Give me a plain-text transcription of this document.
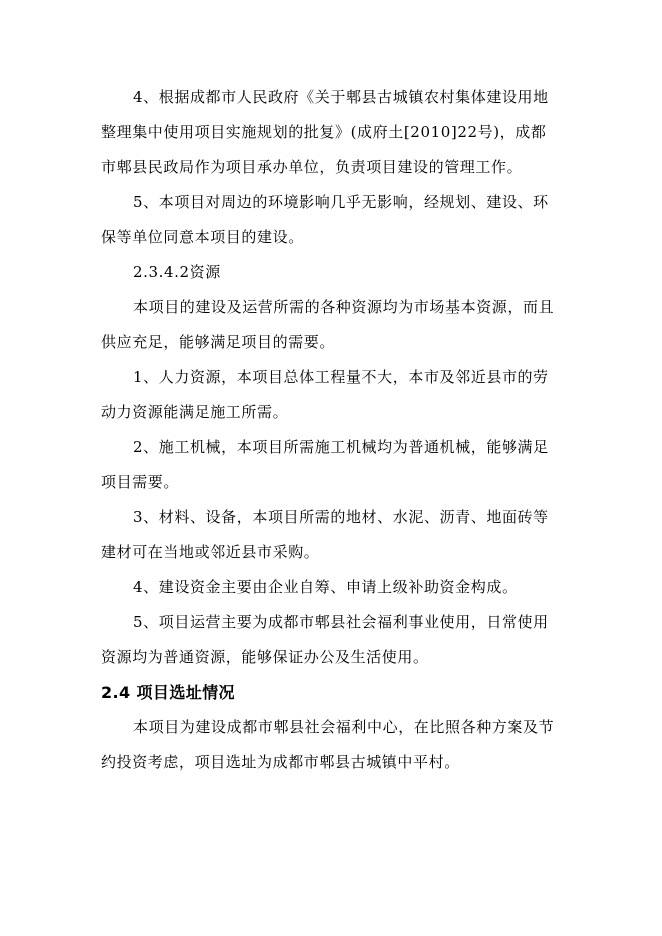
4、根据成都市人民政府《关于郫县古城镇农村集体建设用地整理集中使用项目实施规划的批复》(成府土[2010]22号)，成都市郫县民政局作为项目承办单位，负责项目建设的管理工作。

5、本项目对周边的环境影响几乎无影响，经规划、建设、环保等单位同意本项目的建设。

2.3.4.2资源

本项目的建设及运营所需的各种资源均为市场基本资源，而且供应充足，能够满足项目的需要。

1、人力资源，本项目总体工程量不大，本市及邻近县市的劳动力资源能满足施工所需。

2、施工机械，本项目所需施工机械均为普通机械，能够满足项目需要。

3、材料、设备，本项目所需的地材、水泥、沥青、地面砖等建材可在当地或邻近县市采购。

4、建设资金主要由企业自筹、申请上级补助资金构成。

5、项目运营主要为成都市郫县社会福利事业使用，日常使用资源均为普通资源，能够保证办公及生活使用。

2.4 项目选址情况

本项目为建设成都市郫县社会福利中心，在比照各种方案及节约投资考虑，项目选址为成都市郫县古城镇中平村。
